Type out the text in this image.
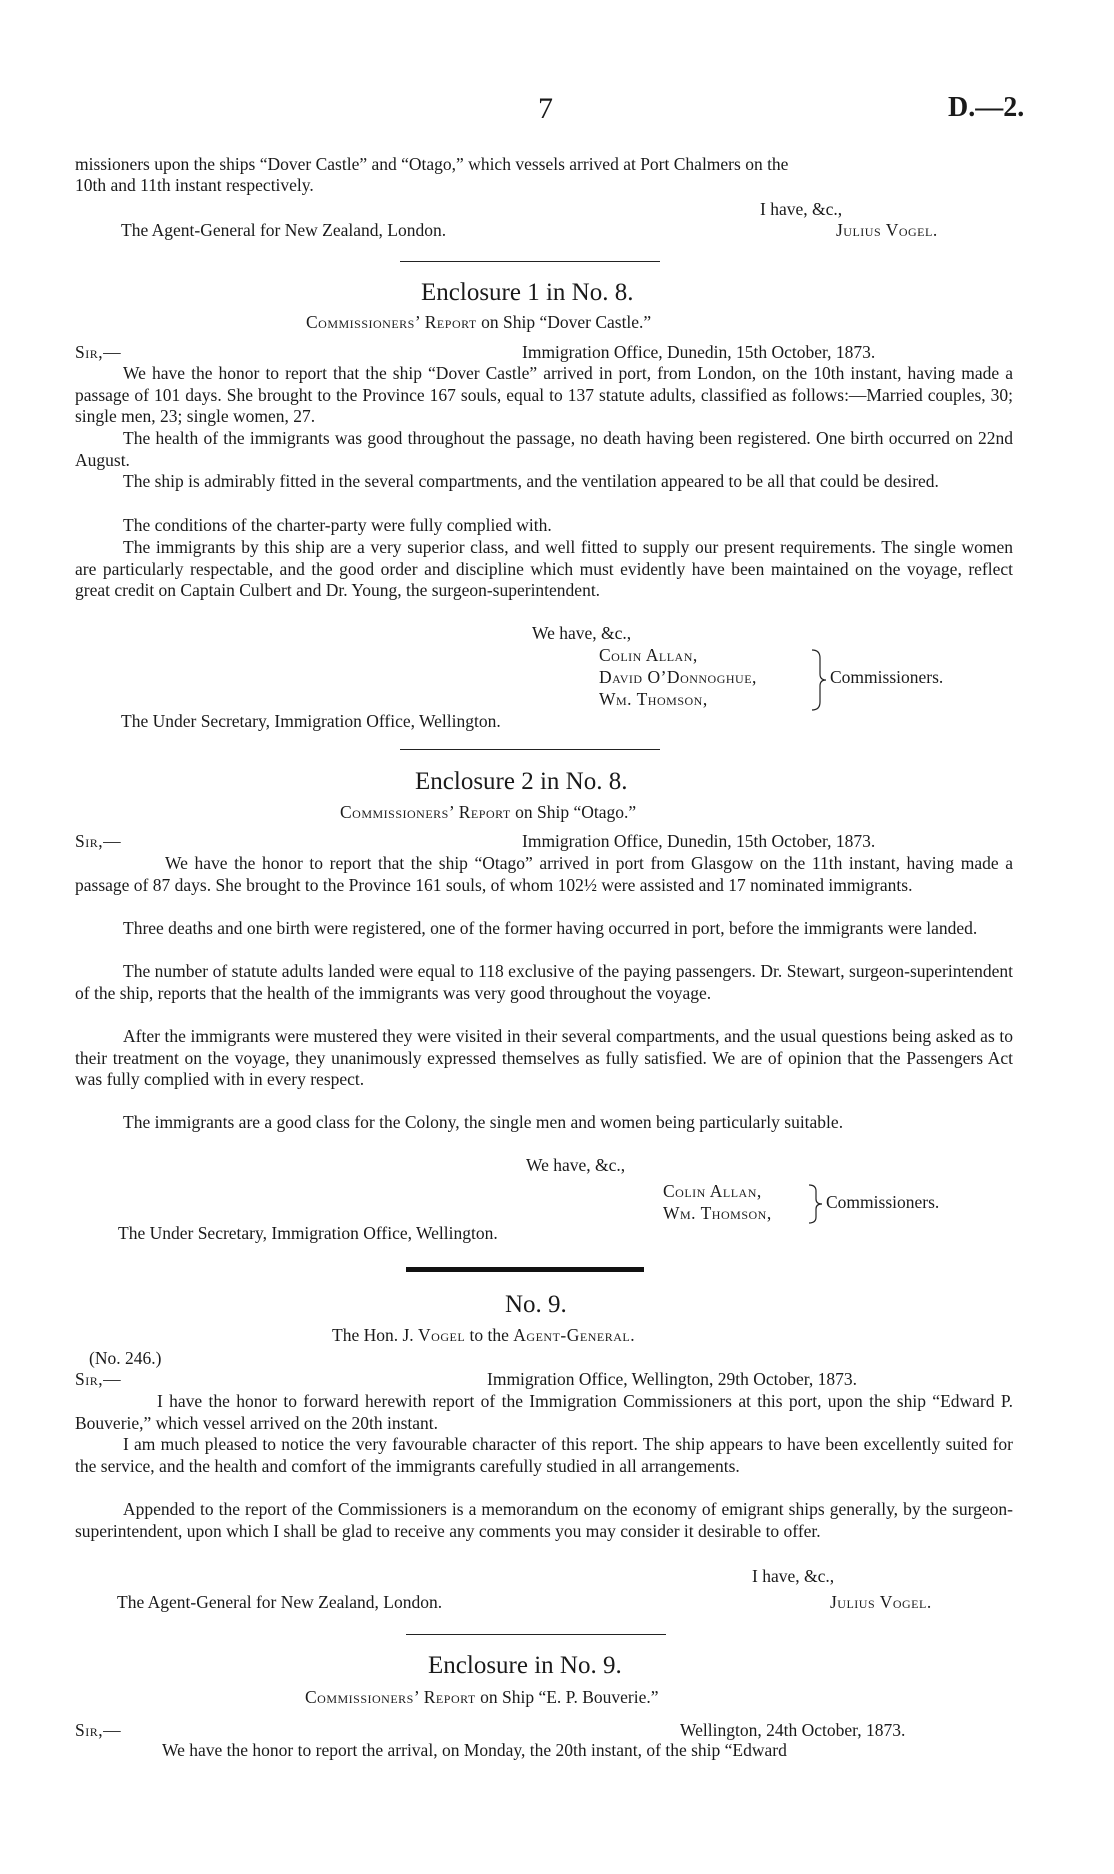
7	D.—2.
missioners upon the ships “Dover Castle” and “Otago,” which vessels arrived at Port Chalmers on the
10th and 11th instant respectively.
I have, &c.,
The Agent-General for New Zealand, London.	Julius Vogel.
Enclosure 1 in No. 8.
Commissioners’ Report on Ship “Dover Castle.”
Sir,—	Immigration Office, Dunedin, 15th October, 1873.
We have the honor to report that the ship “Dover Castle” arrived in port, from London, on the 10th instant, having made a passage of 101 days. She brought to the Province 167 souls, equal to 137 statute adults, classified as follows:—Married couples, 30; single men, 23; single women, 27.
The health of the immigrants was good throughout the passage, no death having been registered. One birth occurred on 22nd August.
The ship is admirably fitted in the several compartments, and the ventilation appeared to be all that could be desired.
The conditions of the charter-party were fully complied with.
The immigrants by this ship are a very superior class, and well fitted to supply our present requirements. The single women are particularly respectable, and the good order and discipline which must evidently have been maintained on the voyage, reflect great credit on Captain Culbert and Dr. Young, the surgeon-superintendent.
We have, &c.,
Colin Allan,
David O’Donnoghue,
Wm. Thomson,
Commissioners.
The Under Secretary, Immigration Office, Wellington.
Enclosure 2 in No. 8.
Commissioners’ Report on Ship “Otago.”
Sir,—	Immigration Office, Dunedin, 15th October, 1873.
We have the honor to report that the ship “Otago” arrived in port from Glasgow on the 11th instant, having made a passage of 87 days. She brought to the Province 161 souls, of whom 102½ were assisted and 17 nominated immigrants.
Three deaths and one birth were registered, one of the former having occurred in port, before the immigrants were landed.
The number of statute adults landed were equal to 118 exclusive of the paying passengers. Dr. Stewart, surgeon-superintendent of the ship, reports that the health of the immigrants was very good throughout the voyage.
After the immigrants were mustered they were visited in their several compartments, and the usual questions being asked as to their treatment on the voyage, they unanimously expressed themselves as fully satisfied. We are of opinion that the Passengers Act was fully complied with in every respect.
The immigrants are a good class for the Colony, the single men and women being particularly suitable.
We have, &c.,
Colin Allan,
Wm. Thomson,
Commissioners.
The Under Secretary, Immigration Office, Wellington.
No. 9.
The Hon. J. Vogel to the Agent-General.
(No. 246.)
Sir,—	Immigration Office, Wellington, 29th October, 1873.
I have the honor to forward herewith report of the Immigration Commissioners at this port, upon the ship “Edward P. Bouverie,” which vessel arrived on the 20th instant.
I am much pleased to notice the very favourable character of this report. The ship appears to have been excellently suited for the service, and the health and comfort of the immigrants carefully studied in all arrangements.
Appended to the report of the Commissioners is a memorandum on the economy of emigrant ships generally, by the surgeon-superintendent, upon which I shall be glad to receive any comments you may consider it desirable to offer.
I have, &c.,
The Agent-General for New Zealand, London.	Julius Vogel.
Enclosure in No. 9.
Commissioners’ Report on Ship “E. P. Bouverie.”
Sir,—	Wellington, 24th October, 1873.
We have the honor to report the arrival, on Monday, the 20th instant, of the ship “Edward
